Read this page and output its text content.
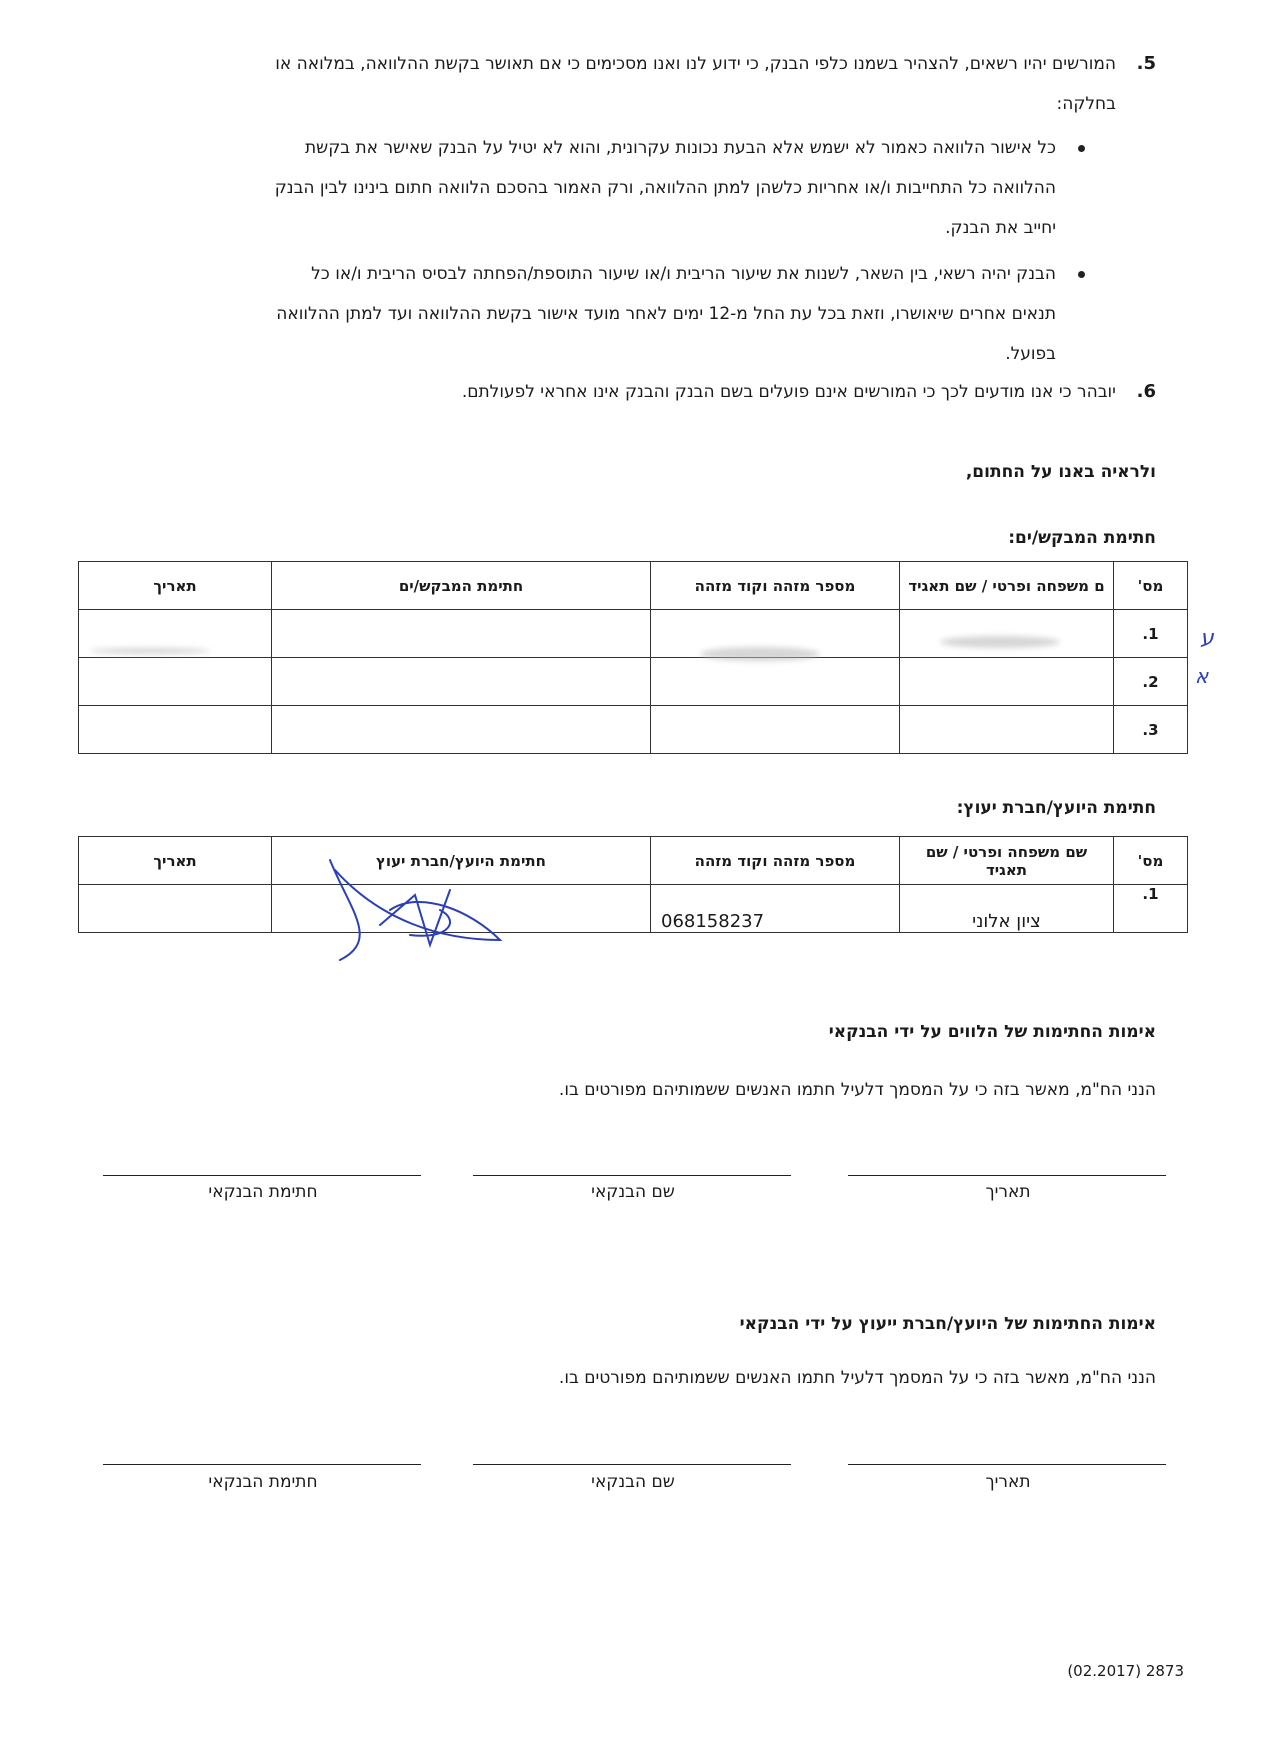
5.
המורשים יהיו רשאים, להצהיר בשמנו כלפי הבנק, כי ידוע לנו ואנו מסכימים כי אם תאושר בקשת ההלוואה, במלואה או
בחלקה:
כל אישור הלוואה כאמור לא ישמש אלא הבעת נכונות עקרונית, והוא לא יטיל על הבנק שאישר את בקשת
ההלוואה כל התחייבות ו/או אחריות כלשהן למתן ההלוואה, ורק האמור בהסכם הלוואה חתום בינינו לבין הבנק
יחייב את הבנק.
הבנק יהיה רשאי, בין השאר, לשנות את שיעור הריבית ו/או שיעור התוספת/הפחתה לבסיס הריבית ו/או כל
תנאים אחרים שיאושרו, וזאת בכל עת החל מ-12 ימים לאחר מועד אישור בקשת ההלוואה ועד למתן ההלוואה
בפועל.
6.
יובהר כי אנו מודעים לכך כי המורשים אינם פועלים בשם הבנק והבנק אינו אחראי לפעולתם.
ולראיה באנו על החתום,
חתימת המבקש/ים:
מס'	ם משפחה ופרטי / שם תאגיד	מספר מזהה וקוד מזהה	חתימת המבקש/ים	תאריך
1.				
2.				
3.				
ע
א
חתימת היועץ/חברת יעוץ:
מס'	שם משפחה ופרטי / שם תאגיד	מספר מזהה וקוד מזהה	חתימת היועץ/חברת יעוץ	תאריך
1.	ציון אלוני	068158237		
אימות החתימות של הלווים על ידי הבנקאי
הנני הח"מ, מאשר בזה כי על המסמך דלעיל חתמו האנשים ששמותיהם מפורטים בו.
חתימת הבנקאי	שם הבנקאי	תאריך
אימות החתימות של היועץ/חברת ייעוץ על ידי הבנקאי
הנני הח"מ, מאשר בזה כי על המסמך דלעיל חתמו האנשים ששמותיהם מפורטים בו.
חתימת הבנקאי	שם הבנקאי	תאריך
(02.2017) 2873
